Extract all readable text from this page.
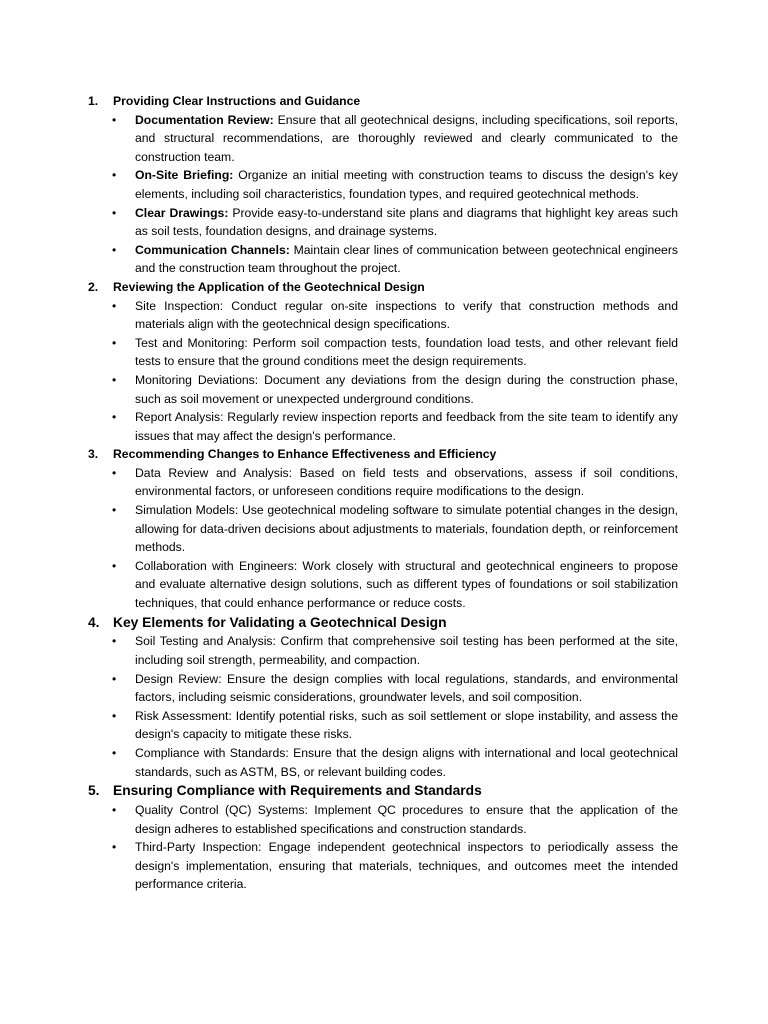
1.	Providing Clear Instructions and Guidance
• Documentation Review: Ensure that all geotechnical designs, including specifications, soil reports, and structural recommendations, are thoroughly reviewed and clearly communicated to the construction team.
• On-Site Briefing: Organize an initial meeting with construction teams to discuss the design's key elements, including soil characteristics, foundation types, and required geotechnical methods.
• Clear Drawings: Provide easy-to-understand site plans and diagrams that highlight key areas such as soil tests, foundation designs, and drainage systems.
• Communication Channels: Maintain clear lines of communication between geotechnical engineers and the construction team throughout the project.
2.	Reviewing the Application of the Geotechnical Design
• Site Inspection: Conduct regular on-site inspections to verify that construction methods and materials align with the geotechnical design specifications.
• Test and Monitoring: Perform soil compaction tests, foundation load tests, and other relevant field tests to ensure that the ground conditions meet the design requirements.
• Monitoring Deviations: Document any deviations from the design during the construction phase, such as soil movement or unexpected underground conditions.
• Report Analysis: Regularly review inspection reports and feedback from the site team to identify any issues that may affect the design's performance.
3.	Recommending Changes to Enhance Effectiveness and Efficiency
• Data Review and Analysis: Based on field tests and observations, assess if soil conditions, environmental factors, or unforeseen conditions require modifications to the design.
• Simulation Models: Use geotechnical modeling software to simulate potential changes in the design, allowing for data-driven decisions about adjustments to materials, foundation depth, or reinforcement methods.
• Collaboration with Engineers: Work closely with structural and geotechnical engineers to propose and evaluate alternative design solutions, such as different types of foundations or soil stabilization techniques, that could enhance performance or reduce costs.
4. Key Elements for Validating a Geotechnical Design
• Soil Testing and Analysis: Confirm that comprehensive soil testing has been performed at the site, including soil strength, permeability, and compaction.
• Design Review: Ensure the design complies with local regulations, standards, and environmental factors, including seismic considerations, groundwater levels, and soil composition.
• Risk Assessment: Identify potential risks, such as soil settlement or slope instability, and assess the design's capacity to mitigate these risks.
• Compliance with Standards: Ensure that the design aligns with international and local geotechnical standards, such as ASTM, BS, or relevant building codes.
5. Ensuring Compliance with Requirements and Standards
• Quality Control (QC) Systems: Implement QC procedures to ensure that the application of the design adheres to established specifications and construction standards.
• Third-Party Inspection: Engage independent geotechnical inspectors to periodically assess the design's implementation, ensuring that materials, techniques, and outcomes meet the intended performance criteria.
